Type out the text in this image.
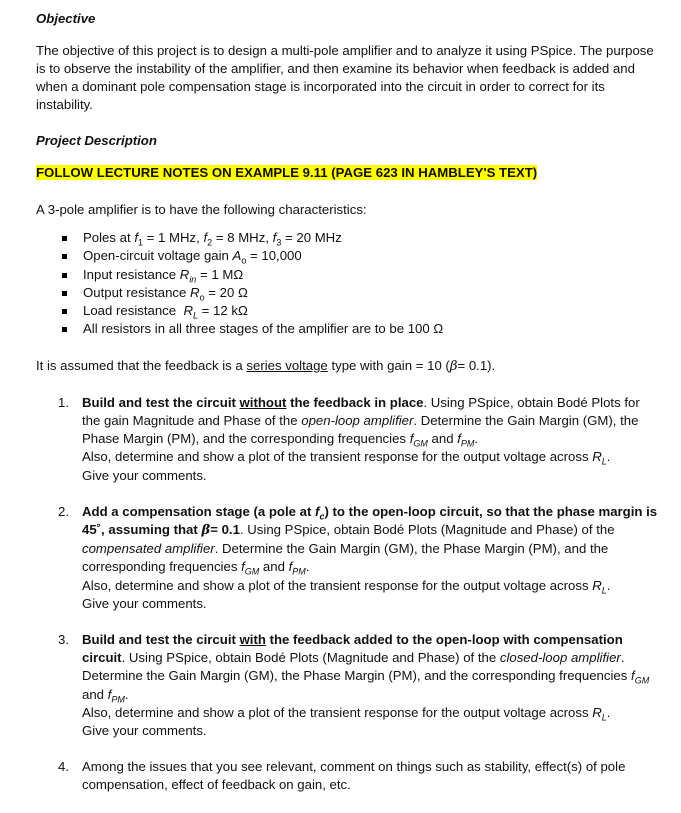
Objective
The objective of this project is to design a multi-pole amplifier and to analyze it using PSpice. The purpose is to observe the instability of the amplifier, and then examine its behavior when feedback is added and when a dominant pole compensation stage is incorporated into the circuit in order to correct for its instability.
Project Description
FOLLOW LECTURE NOTES ON EXAMPLE 9.11 (PAGE 623 IN HAMBLEY'S TEXT)
A 3-pole amplifier is to have the following characteristics:
Poles at $f_1 = 1$ MHz, $f_2 = 8$ MHz, $f_3 = 20$ MHz
Open-circuit voltage gain $A_o = 10,000$
Input resistance $R_{in} = 1$ MΩ
Output resistance $R_o = 20$ Ω
Load resistance $R_L = 12$ kΩ
All resistors in all three stages of the amplifier are to be 100 Ω
It is assumed that the feedback is a series voltage type with gain = 10 (β= 0.1).
1. Build and test the circuit without the feedback in place. Using PSpice, obtain Bodé Plots for the gain Magnitude and Phase of the open-loop amplifier. Determine the Gain Margin (GM), the Phase Margin (PM), and the corresponding frequencies $f_{GM}$ and $f_{PM}$.
Also, determine and show a plot of the transient response for the output voltage across $R_L$.
Give your comments.
2. Add a compensation stage (a pole at $f_c$) to the open-loop circuit, so that the phase margin is 45˚, assuming that β= 0.1. Using PSpice, obtain Bodé Plots (Magnitude and Phase) of the compensated amplifier. Determine the Gain Margin (GM), the Phase Margin (PM), and the corresponding frequencies $f_{GM}$ and $f_{PM}$.
Also, determine and show a plot of the transient response for the output voltage across $R_L$.
Give your comments.
3. Build and test the circuit with the feedback added to the open-loop with compensation circuit. Using PSpice, obtain Bodé Plots (Magnitude and Phase) of the closed-loop amplifier. Determine the Gain Margin (GM), the Phase Margin (PM), and the corresponding frequencies $f_{GM}$ and $f_{PM}$.
Also, determine and show a plot of the transient response for the output voltage across $R_L$.
Give your comments.
4. Among the issues that you see relevant, comment on things such as stability, effect(s) of pole compensation, effect of feedback on gain, etc.
